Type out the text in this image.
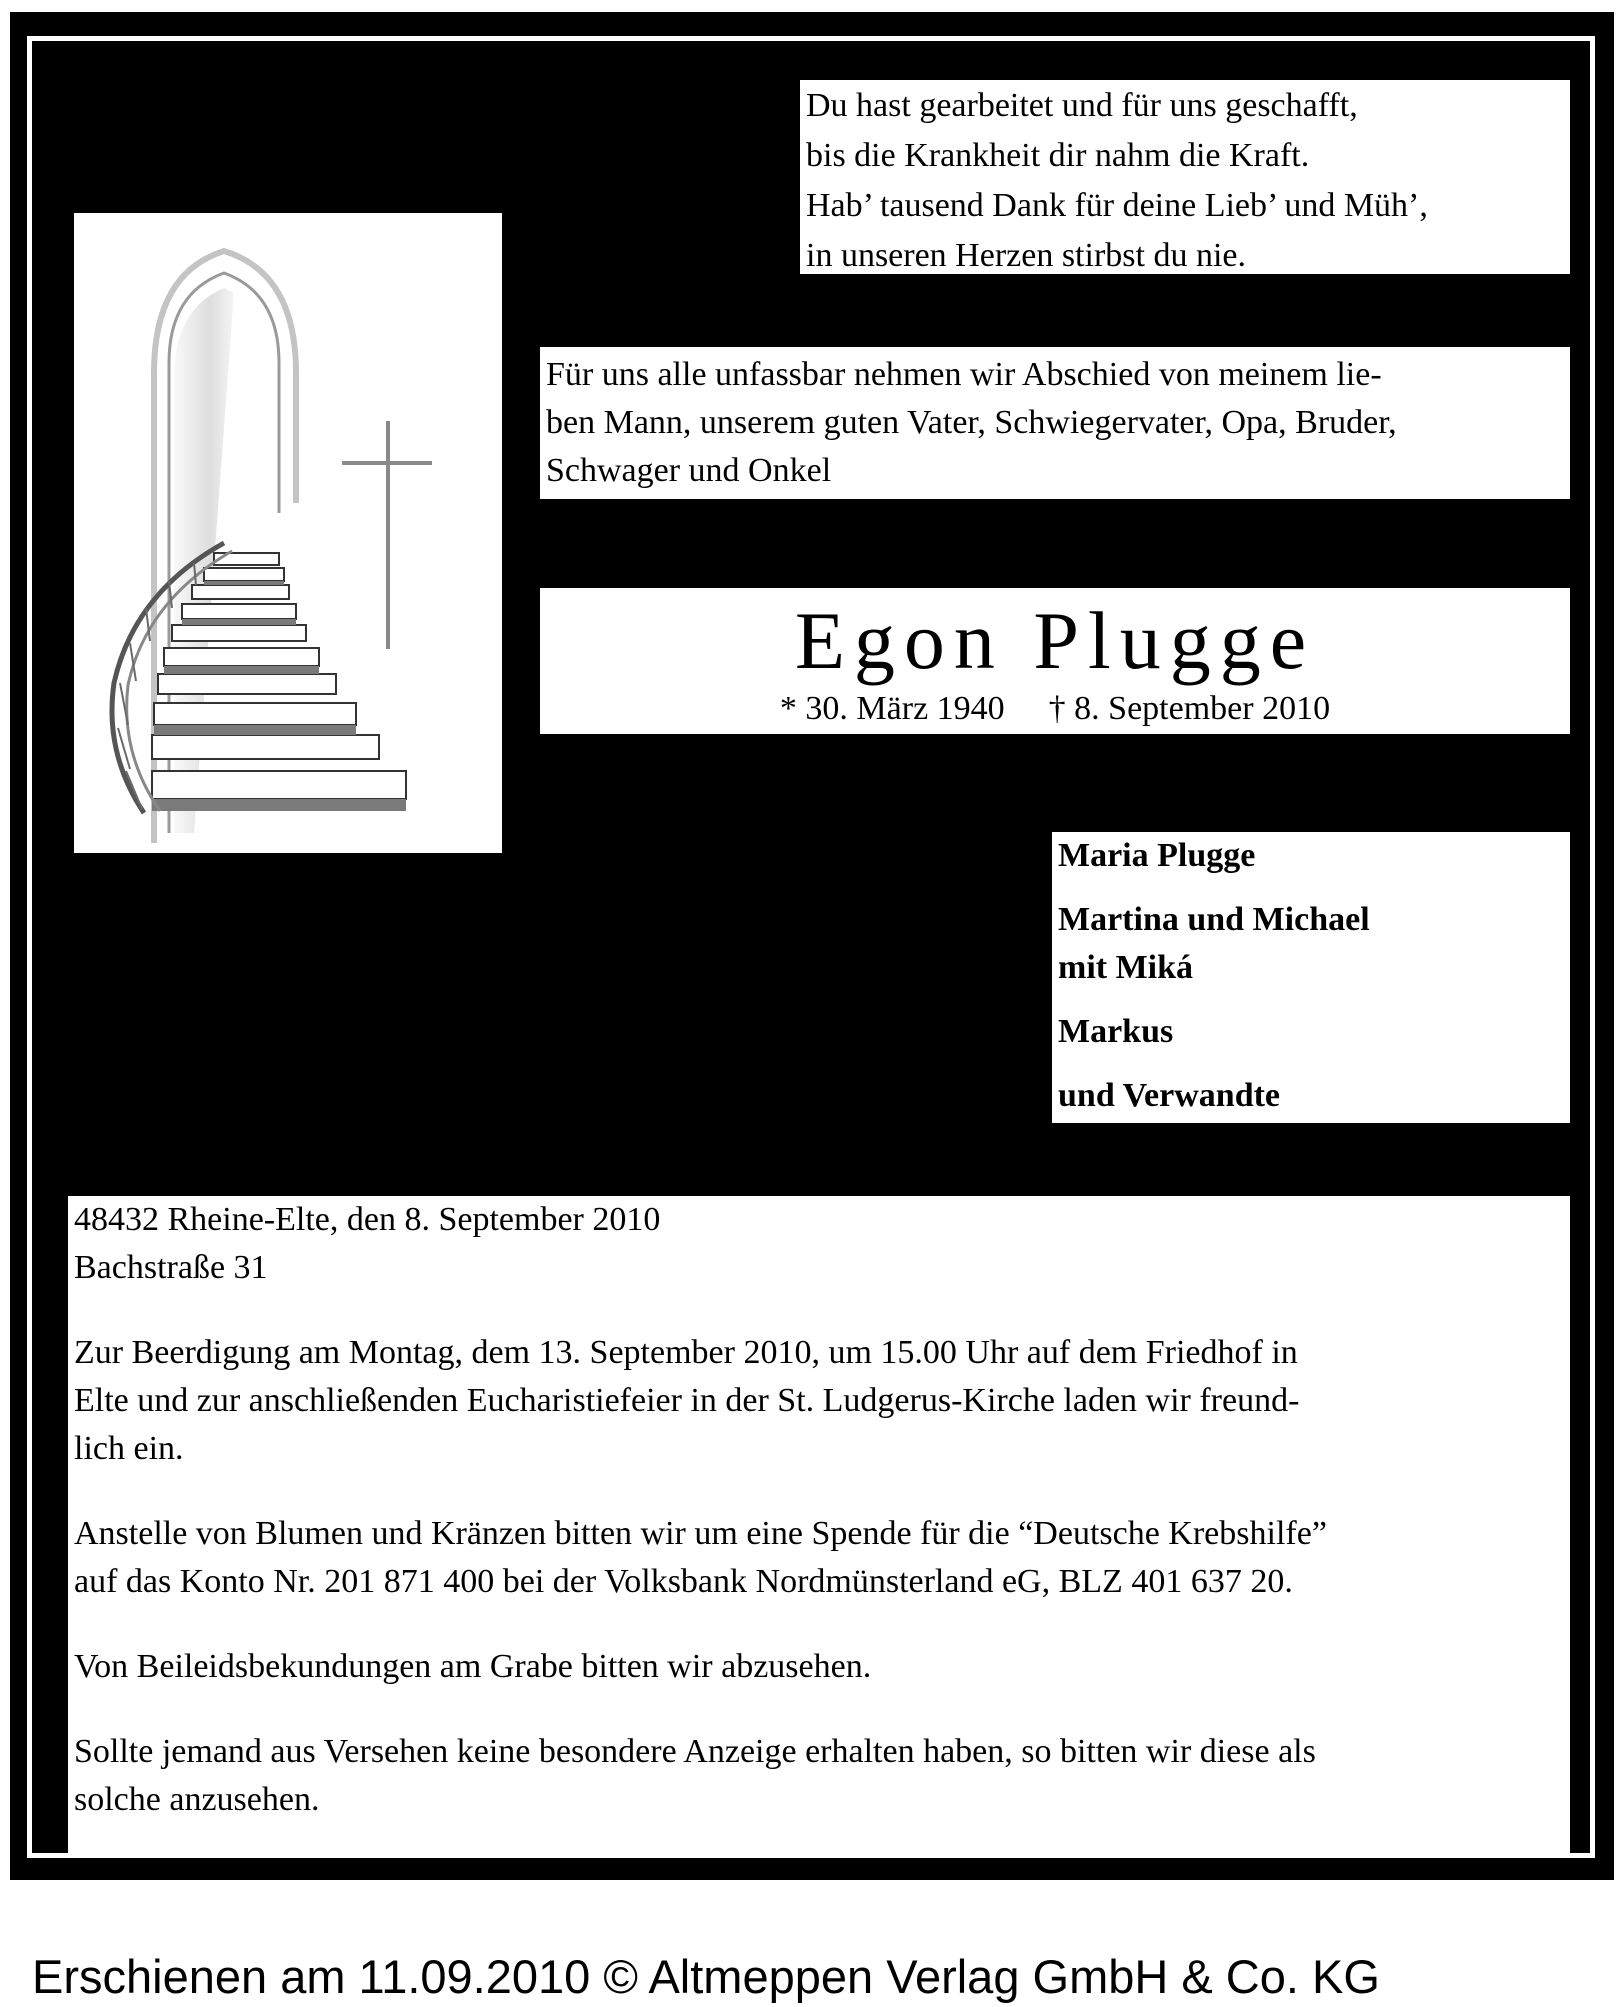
Du hast gearbeitet und für uns geschafft,
bis die Krankheit dir nahm die Kraft.
Hab’ tausend Dank für deine Lieb’ und Müh’,
in unseren Herzen stirbst du nie.
Für uns alle unfassbar nehmen wir Abschied von meinem lie-
ben Mann, unserem guten Vater, Schwiegervater, Opa, Bruder,
Schwager und Onkel
Egon Plugge
* 30. März 1940 † 8. September 2010
Maria Plugge
Martina und Michael
mit Miká
Markus
und Verwandte

48432 Rheine-Elte, den 8. September 2010

Bachstraße 31

Zur Beerdigung am Montag, dem 13. September 2010, um 15.00 Uhr auf dem Friedhof in

Elte und zur anschließenden Eucharistiefeier in der St. Ludgerus-Kirche laden wir freund-

lich ein.

Anstelle von Blumen und Kränzen bitten wir um eine Spende für die “Deutsche Krebshilfe”

auf das Konto Nr. 201 871 400 bei der Volksbank Nordmünsterland eG, BLZ 401 637 20.

Von Beileidsbekundungen am Grabe bitten wir abzusehen.

Sollte jemand aus Versehen keine besondere Anzeige erhalten haben, so bitten wir diese als

solche anzusehen.

Erschienen am 11.09.2010 © Altmeppen Verlag GmbH & Co. KG
